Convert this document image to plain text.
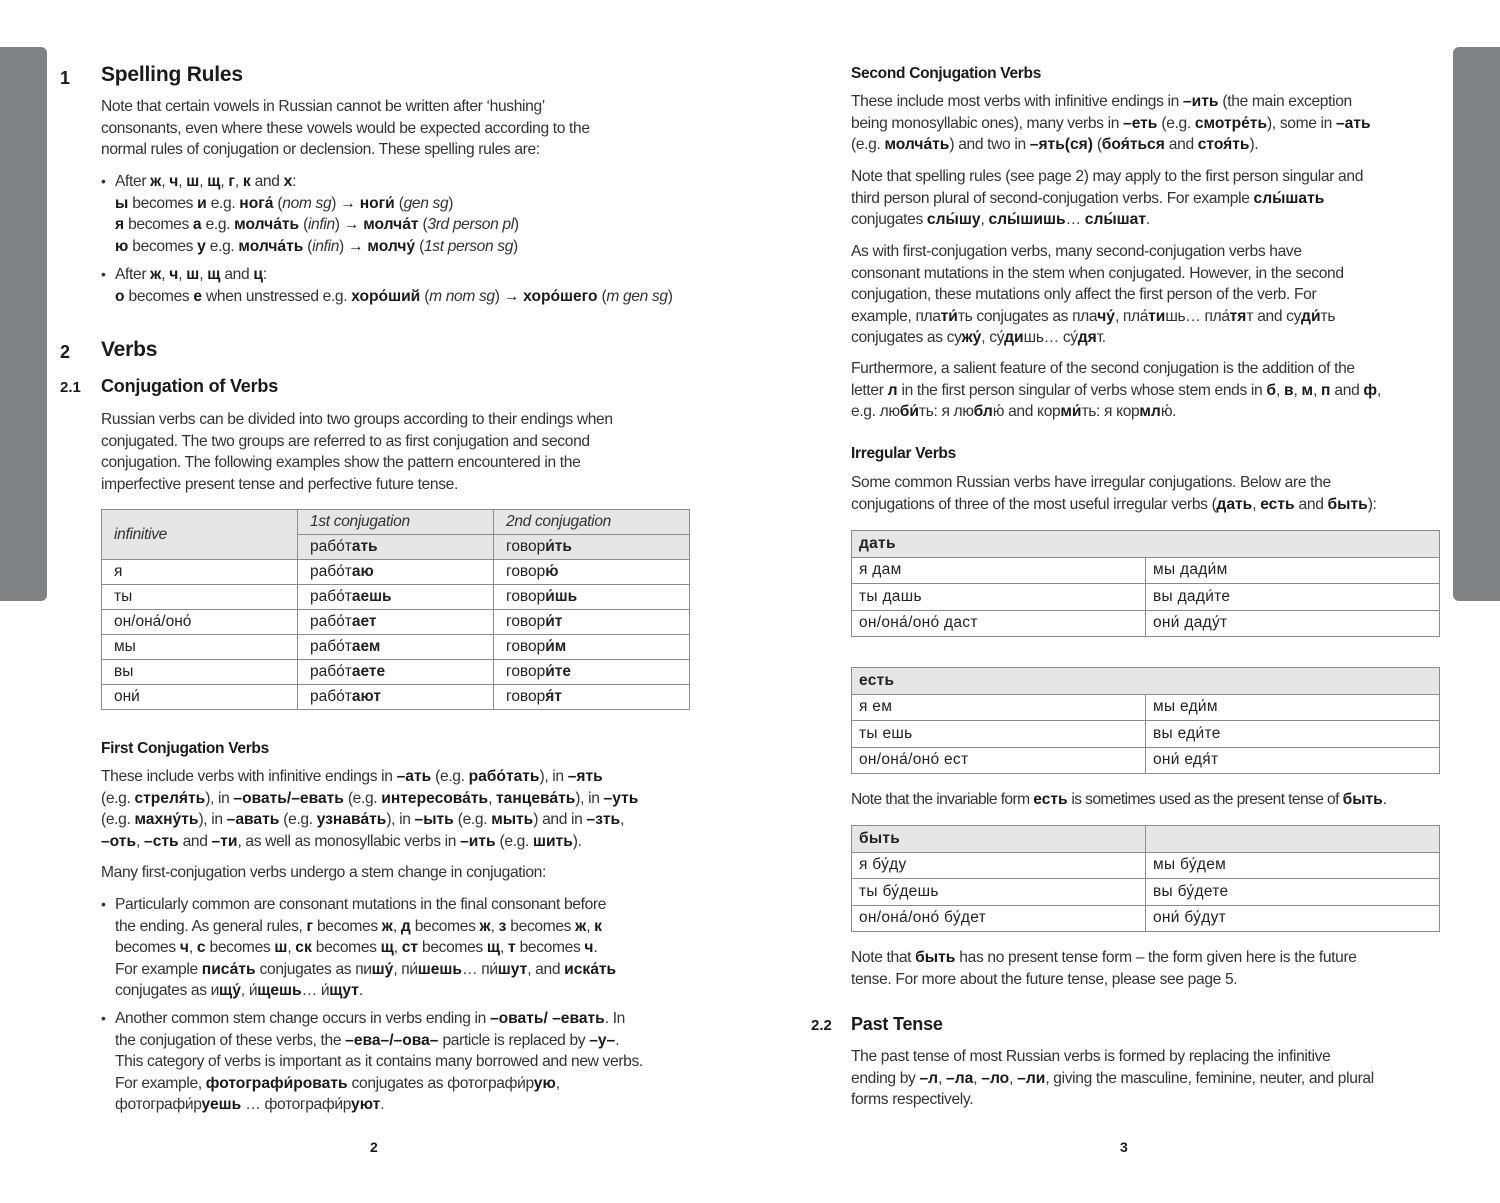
1 Spelling Rules
Note that certain vowels in Russian cannot be written after ‘hushing’
consonants, even where these vowels would be expected according to the
normal rules of conjugation or declension. These spelling rules are:
• After ж, ч, ш, щ, г, к and х:
ы becomes и e.g. нога́ (nom sg) → ноги́ (gen sg)
я becomes а e.g. молча́ть (infin) → молча́т (3rd person pl)
ю becomes у e.g. молча́ть (infin) → молчу́ (1st person sg)
• After ж, ч, ш, щ and ц:
о becomes е when unstressed e.g. хоро́ший (m nom sg) → хоро́шего (m gen sg)
2 Verbs
2.1 Conjugation of Verbs
Russian verbs can be divided into two groups according to their endings when
conjugated. The two groups are referred to as first conjugation and second
conjugation. The following examples show the pattern encountered in the
imperfective present tense and perfective future tense.
infinitive	1st conjugation	2nd conjugation
	рабо́тать	говори́ть
я	рабо́таю	говорю́
ты	рабо́таешь	говори́шь
он/она́/оно́	рабо́тает	говори́т
мы	рабо́таем	говори́м
вы	рабо́таете	говори́те
они́	рабо́тают	говоря́т
First Conjugation Verbs
These include verbs with infinitive endings in –ать (e.g. рабо́тать), in –ять
(e.g. стреля́ть), in –овать/–евать (e.g. интересова́ть, танцева́ть), in –уть
(e.g. махну́ть), in –авать (e.g. узнава́ть), in –ыть (e.g. мыть) and in –зть,
–оть, –сть and –ти, as well as monosyllabic verbs in –ить (e.g. шить).
Many first-conjugation verbs undergo a stem change in conjugation:
• Particularly common are consonant mutations in the final consonant before
the ending. As general rules, г becomes ж, д becomes ж, з becomes ж, к
becomes ч, с becomes ш, ск becomes щ, ст becomes щ, т becomes ч.
For example писа́ть conjugates as пишу́, пи́шешь… пи́шут, and иска́ть
conjugates as ищу́, и́щешь… и́щут.
• Another common stem change occurs in verbs ending in –овать/ –евать. In
the conjugation of these verbs, the –ева–/–ова– particle is replaced by –у–.
This category of verbs is important as it contains many borrowed and new verbs.
For example, фотографи́ровать conjugates as фотографи́рую,
фотографи́руешь … фотографи́руют.
2
Second Conjugation Verbs
These include most verbs with infinitive endings in –ить (the main exception
being monosyllabic ones), many verbs in –еть (e.g. смотре́ть), some in –ать
(e.g. молча́ть) and two in –ять(ся) (боя́ться and стоя́ть).
Note that spelling rules (see page 2) may apply to the first person singular and
third person plural of second-conjugation verbs. For example слы́шать
conjugates слы́шу, слы́шишь… слы́шат.
As with first-conjugation verbs, many second-conjugation verbs have
consonant mutations in the stem when conjugated. However, in the second
conjugation, these mutations only affect the first person of the verb. For
example, плати́ть conjugates as плачу́, пла́тишь… пла́тят and суди́ть
conjugates as сужу́, су́дишь… су́дят.
Furthermore, a salient feature of the second conjugation is the addition of the
letter л in the first person singular of verbs whose stem ends in б, в, м, п and ф,
e.g. люби́ть: я люблю́ and корми́ть: я кормлю́.
Irregular Verbs
Some common Russian verbs have irregular conjugations. Below are the
conjugations of three of the most useful irregular verbs (дать, есть and быть):
дать	
я дам	мы дади́м
ты дашь	вы дади́те
он/она́/оно́ даст	они́ даду́т
есть	
я ем	мы еди́м
ты ешь	вы еди́те
он/она́/оно́ ест	они́ едя́т
Note that the invariable form есть is sometimes used as the present tense of быть.
быть	
я бу́ду	мы бу́дем
ты бу́дешь	вы бу́дете
он/она́/оно́ бу́дет	они́ бу́дут
Note that быть has no present tense form – the form given here is the future
tense. For more about the future tense, please see page 5.
2.2 Past Tense
The past tense of most Russian verbs is formed by replacing the infinitive
ending by –л, –ла, –ло, –ли, giving the masculine, feminine, neuter, and plural
forms respectively.
3
